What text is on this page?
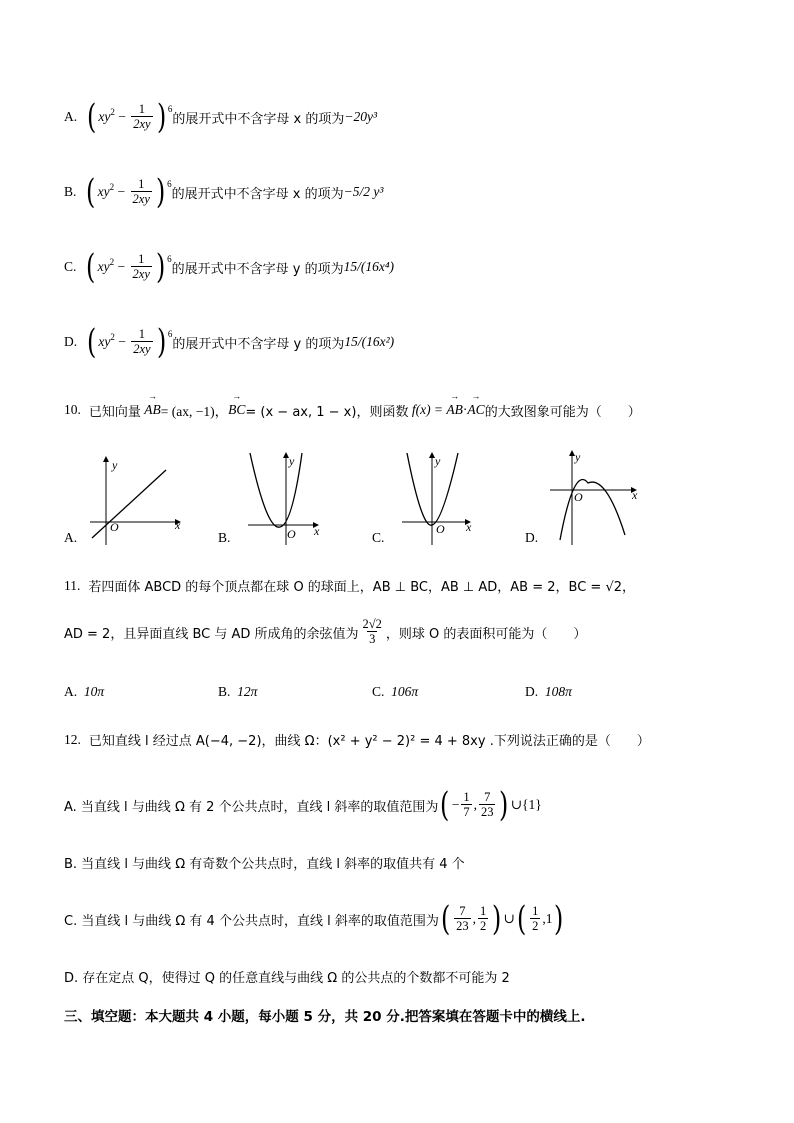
A. ( xy 2
−
$\frac{1}{2xy}$ ) 6
的展开式中不含字母 x 的项为 −20y³
B. ( xy 2
−
$\frac{1}{2xy}$ ) 6
的展开式中不含字母 x 的项为 −5/2 y³
C. ( xy 2
−
$\frac{1}{2xy}$ ) 6
的展开式中不含字母 y 的项为 15/(16x⁴)
D. ( xy 2
−
$\frac{1}{2xy}$ ) 6
的展开式中不含字母 y 的项为 15/(16x²)
10. 已知向量
→ AB = (ax, −1)， → BC = (x − ax, 1 − x)，则函数
f(x) =
→ AB · → AC 的大致图象可能为（　　）
y
x
O
y
x
O
y
x
O
y
x
O
A.	B.	C.	D.
11. 若四面体 ABCD 的每个顶点都在球 O 的球面上，AB ⊥ BC，AB ⊥ AD，AB = 2，BC = √2，
AD = 2，且异面直线 BC 与 AD 所成角的余弦值为 $\frac{2√2}{3}$ ，则球 O 的表面积可能为（　　）
A. 10π	B. 12π	C. 106π	D. 108π
12. 已知直线 l 经过点 A(−4, −2)，曲线 Ω：(x² + y² − 2)² = 4 + 8xy .下列说法正确的是（　　）
A. 当直线 l 与曲线 Ω 有 2 个公共点时，直线 l 斜率的取值范围为 ( − $\frac{1}{7}$ , $\frac{7}{23}$ ) ∪{1}
B. 当直线 l 与曲线 Ω 有奇数个公共点时，直线 l 斜率的取值共有 4 个
C. 当直线 l 与曲线 Ω 有 4 个公共点时，直线 l 斜率的取值范围为 ( $\frac{7}{23}$ , $\frac{1}{2}$ ) ∪ ( $\frac{1}{2} ,1$ )
D. 存在定点 Q，使得过 Q 的任意直线与曲线 Ω 的公共点的个数都不可能为 2
三、填空题：本大题共 4 小题，每小题 5 分，共 20 分.把答案填在答题卡中的横线上.
